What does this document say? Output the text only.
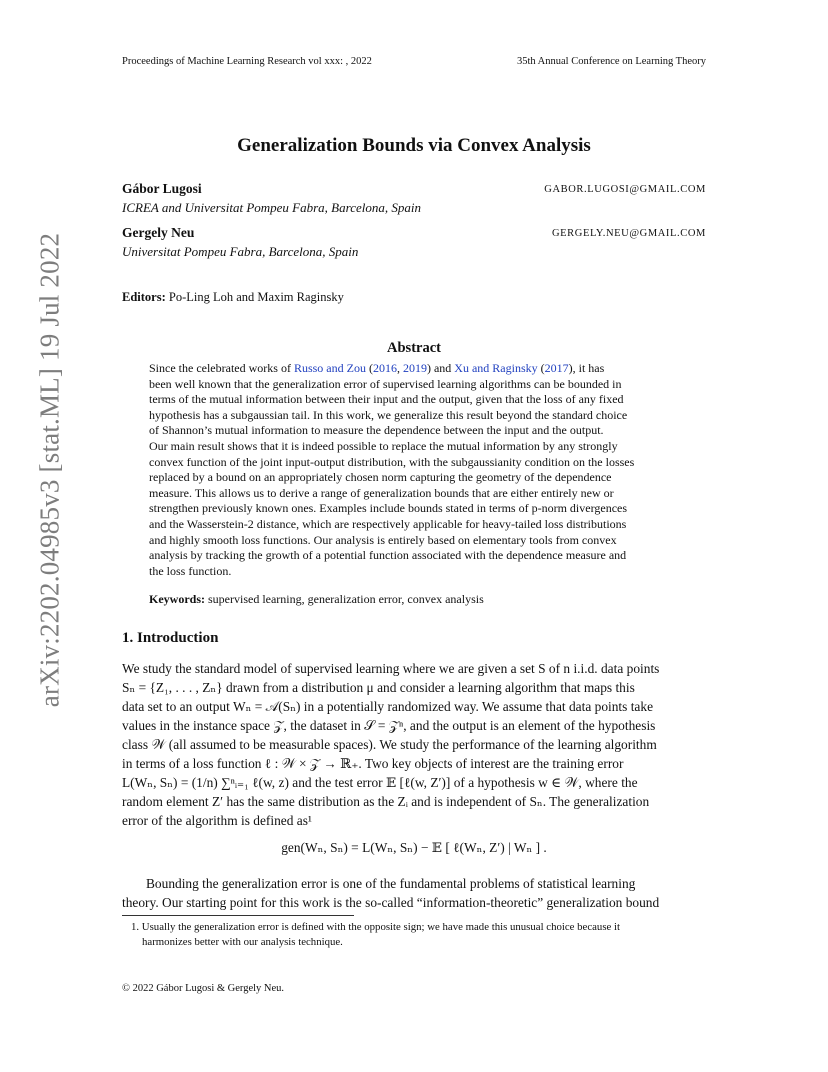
Proceedings of Machine Learning Research vol xxx: , 2022	35th Annual Conference on Learning Theory
arXiv:2202.04985v3 [stat.ML] 19 Jul 2022
Generalization Bounds via Convex Analysis
Gábor Lugosi	GABOR.LUGOSI@GMAIL.COM
ICREA and Universitat Pompeu Fabra, Barcelona, Spain
Gergely Neu	GERGELY.NEU@GMAIL.COM
Universitat Pompeu Fabra, Barcelona, Spain
Editors: Po-Ling Loh and Maxim Raginsky
Abstract
Since the celebrated works of Russo and Zou (2016, 2019) and Xu and Raginsky (2017), it has
been well known that the generalization error of supervised learning algorithms can be bounded in
terms of the mutual information between their input and the output, given that the loss of any fixed
hypothesis has a subgaussian tail. In this work, we generalize this result beyond the standard choice
of Shannon’s mutual information to measure the dependence between the input and the output.
Our main result shows that it is indeed possible to replace the mutual information by any strongly
convex function of the joint input-output distribution, with the subgaussianity condition on the losses
replaced by a bound on an appropriately chosen norm capturing the geometry of the dependence
measure. This allows us to derive a range of generalization bounds that are either entirely new or
strengthen previously known ones. Examples include bounds stated in terms of p-norm divergences
and the Wasserstein-2 distance, which are respectively applicable for heavy-tailed loss distributions
and highly smooth loss functions. Our analysis is entirely based on elementary tools from convex
analysis by tracking the growth of a potential function associated with the dependence measure and
the loss function.
Keywords: supervised learning, generalization error, convex analysis
1. Introduction
We study the standard model of supervised learning where we are given a set S of n i.i.d. data points
Sₙ = {Z₁, . . . , Zₙ} drawn from a distribution μ and consider a learning algorithm that maps this
data set to an output Wₙ = 𝒜(Sₙ) in a potentially randomized way. We assume that data points take
values in the instance space 𝒵, the dataset in 𝒮 = 𝒵ⁿ, and the output is an element of the hypothesis
class 𝒲 (all assumed to be measurable spaces). We study the performance of the learning algorithm
in terms of a loss function ℓ : 𝒲 × 𝒵 → ℝ₊. Two key objects of interest are the training error
L(Wₙ, Sₙ) = (1/n) ∑ⁿᵢ₌₁ ℓ(w, z) and the test error 𝔼 [ℓ(w, Z′)] of a hypothesis w ∈ 𝒲, where the
random element Z′ has the same distribution as the Zᵢ and is independent of Sₙ. The generalization
error of the algorithm is defined as¹
gen(Wₙ, Sₙ) = L(Wₙ, Sₙ) − 𝔼 [ ℓ(Wₙ, Z′) | Wₙ ] .
Bounding the generalization error is one of the fundamental problems of statistical learning
theory. Our starting point for this work is the so-called “information-theoretic” generalization bound
1. Usually the generalization error is defined with the opposite sign; we have made this unusual choice because it
harmonizes better with our analysis technique.
© 2022 Gábor Lugosi & Gergely Neu.
